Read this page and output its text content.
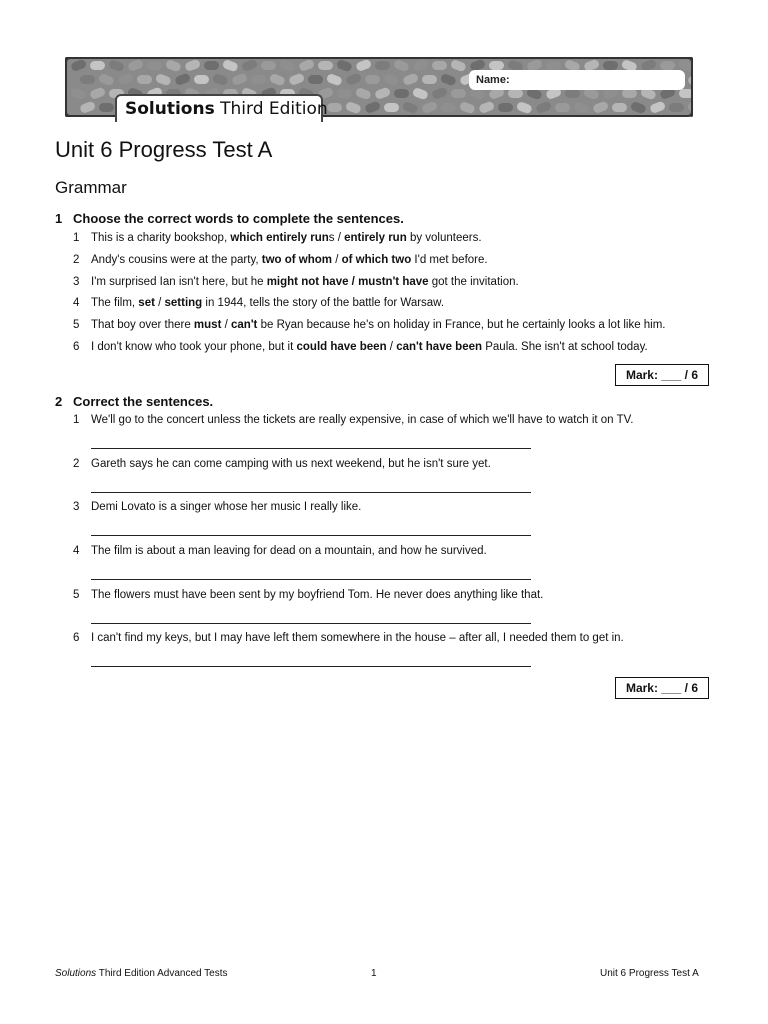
Solutions Third Edition
Name:
Unit 6 Progress Test A
Grammar
1 Choose the correct words to complete the sentences.
1 This is a charity bookshop, which entirely runs / entirely run by volunteers.
2 Andy's cousins were at the party, two of whom / of which two I'd met before.
3 I'm surprised Ian isn't here, but he might not have / mustn't have got the invitation.
4 The film, set / setting in 1944, tells the story of the battle for Warsaw.
5 That boy over there must / can't be Ryan because he's on holiday in France, but he certainly looks a lot like him.
6 I don't know who took your phone, but it could have been / can't have been Paula. She isn't at school today.
Mark: ___ / 6
2 Correct the sentences.
1 We'll go to the concert unless the tickets are really expensive, in case of which we'll have to watch it on TV.
2 Gareth says he can come camping with us next weekend, but he isn't sure yet.
3 Demi Lovato is a singer whose her music I really like.
4 The film is about a man leaving for dead on a mountain, and how he survived.
5 The flowers must have been sent by my boyfriend Tom. He never does anything like that.
6 I can't find my keys, but I may have left them somewhere in the house – after all, I needed them to get in.
Mark: ___ / 6
Solutions Third Edition Advanced Tests	1	Unit 6 Progress Test A
